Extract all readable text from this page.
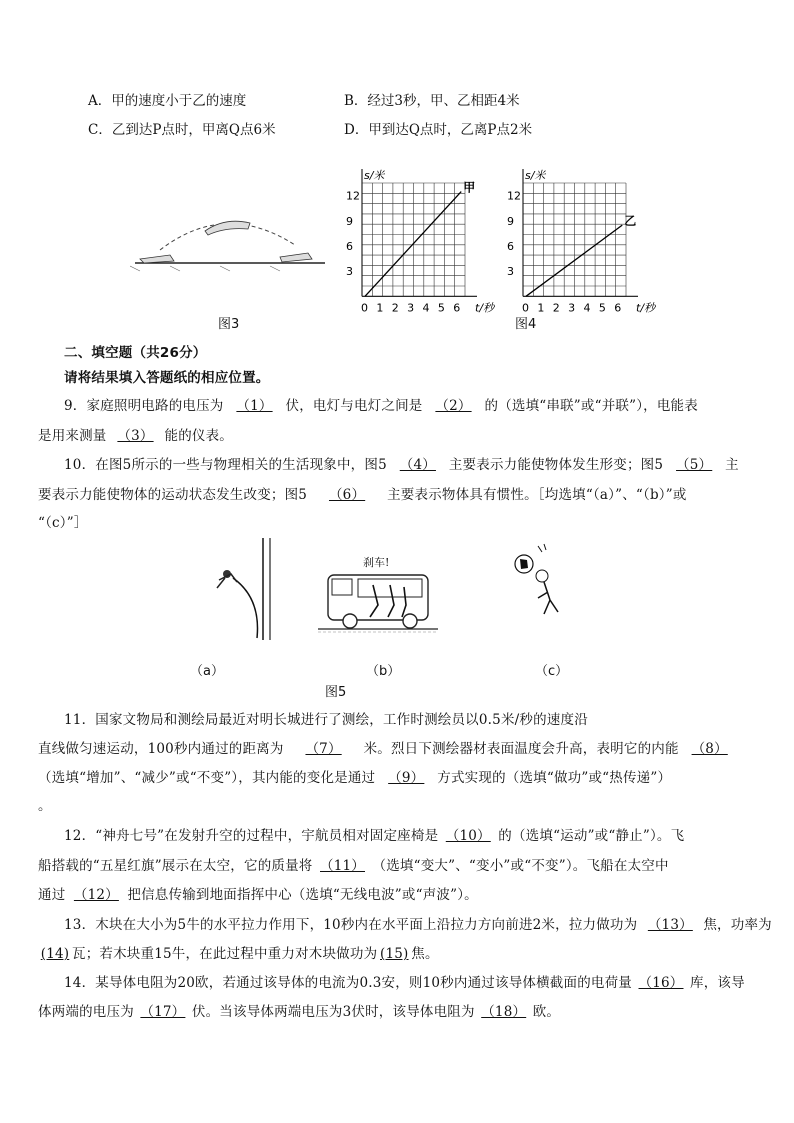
A．甲的速度小于乙的速度	B．经过3秒，甲、乙相距4米
C．乙到达P点时，甲离Q点6米	D．甲到达Q点时，乙离P点2米
图3
0 1 2 3 4 5 6
3
6
9
12
s/米
t/秒
甲
0 1 2 3 4 5 6
3
6
9
12
s/米
t/秒
乙
图4
二、填空题（共26分）
请将结果填入答题纸的相应位置。
9．家庭照明电路的电压为 （1） 伏，电灯与电灯之间是 （2） 的（选填“串联”或“并联”），电能表
是用来测量 （3） 能的仪表。
10．在图5所示的一些与物理相关的生活现象中，图5 （4） 主要表示力能使物体发生形变；图5 （5） 主
要表示力能使物体的运动状态发生改变；图5 （6） 主要表示物体具有惯性。［均选填“（a）”、“（b）”或
“（c）”］
刹车!
（a）	（b）	（c）
图5
11．国家文物局和测绘局最近对明长城进行了测绘，工作时测绘员以0.5米/秒的速度沿
直线做匀速运动，100秒内通过的距离为 （7） 米。烈日下测绘器材表面温度会升高，表明它的内能 （8）
（选填“增加”、“减少”或“不变”），其内能的变化是通过 （9） 方式实现的（选填“做功”或“热传递”）
。
12．“神舟七号”在发射升空的过程中，宇航员相对固定座椅是 （10） 的（选填“运动”或“静止”）。飞
船搭载的“五星红旗”展示在太空，它的质量将 （11） （选填“变大”、“变小”或“不变”）。飞船在太空中
通过 （12） 把信息传输到地面指挥中心（选填“无线电波”或“声波”）。
13．木块在大小为5牛的水平拉力作用下，10秒内在水平面上沿拉力方向前进2米，拉力做功为 （13） 焦，功率为
(14) 瓦；若木块重15牛，在此过程中重力对木块做功为 (15) 焦。
14．某导体电阻为20欧，若通过该导体的电流为0.3安，则10秒内通过该导体横截面的电荷量 （16） 库，该导
体两端的电压为 （17） 伏。当该导体两端电压为3伏时，该导体电阻为 （18） 欧。
